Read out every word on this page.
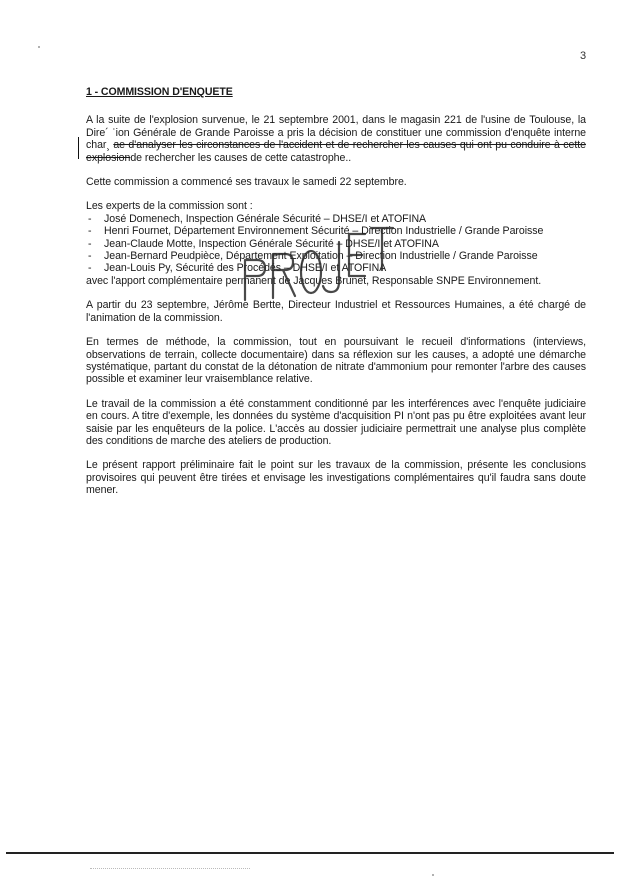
3
1 - COMMISSION D'ENQUETE

A la suite de l'explosion survenue, le 21 septembre 2001, dans le magasin 221 de l'usine de Toulouse, la Dire´ ʿion Générale de Grande Paroisse a pris la décision de constituer une commission d'enquête interne char¸ ae d'analyser les circonstances de l'accident et de rechercher les causes qui ont pu conduire à cette explosionde rechercher les causes de cette catastrophe..

Cette commission a commencé ses travaux le samedi 22 septembre.

Les experts de la commission sont :
- José Domenech, Inspection Générale Sécurité – DHSE/I et ATOFINA
- Henri Fournet, Département Environnement Sécurité – Direction Industrielle / Grande Paroisse
- Jean-Claude Motte, Inspection Générale Sécurité – DHSE/I et ATOFINA
- Jean-Bernard Peudpièce, Département Exploitation – Direction Industrielle / Grande Paroisse
- Jean-Louis Py, Sécurité des Procédés – DHSE/I et ATOFINA
avec l'apport complémentaire permanent de Jacques Brunet, Responsable SNPE Environnement.

A partir du 23 septembre, Jérôme Bertte, Directeur Industriel et Ressources Humaines, a été chargé de l'animation de la commission.

En termes de méthode, la commission, tout en poursuivant le recueil d'informations (interviews, observations de terrain, collecte documentaire) dans sa réflexion sur les causes, a adopté une démarche systématique, partant du constat de la détonation de nitrate d'ammonium pour remonter l'arbre des causes possible et examiner leur vraisemblance relative.

Le travail de la commission a été constamment conditionné par les interférences avec l'enquête judiciaire en cours. A titre d'exemple, les données du système d'acquisition PI n'ont pas pu être exploitées avant leur saisie par les enquêteurs de la police. L'accès au dossier judiciaire permettrait une analyse plus complète des conditions de marche des ateliers de production.

Le présent rapport préliminaire fait le point sur les travaux de la commission, présente les conclusions provisoires qui peuvent être tirées et envisage les investigations complémentaires qu'il faudra sans doute mener.
